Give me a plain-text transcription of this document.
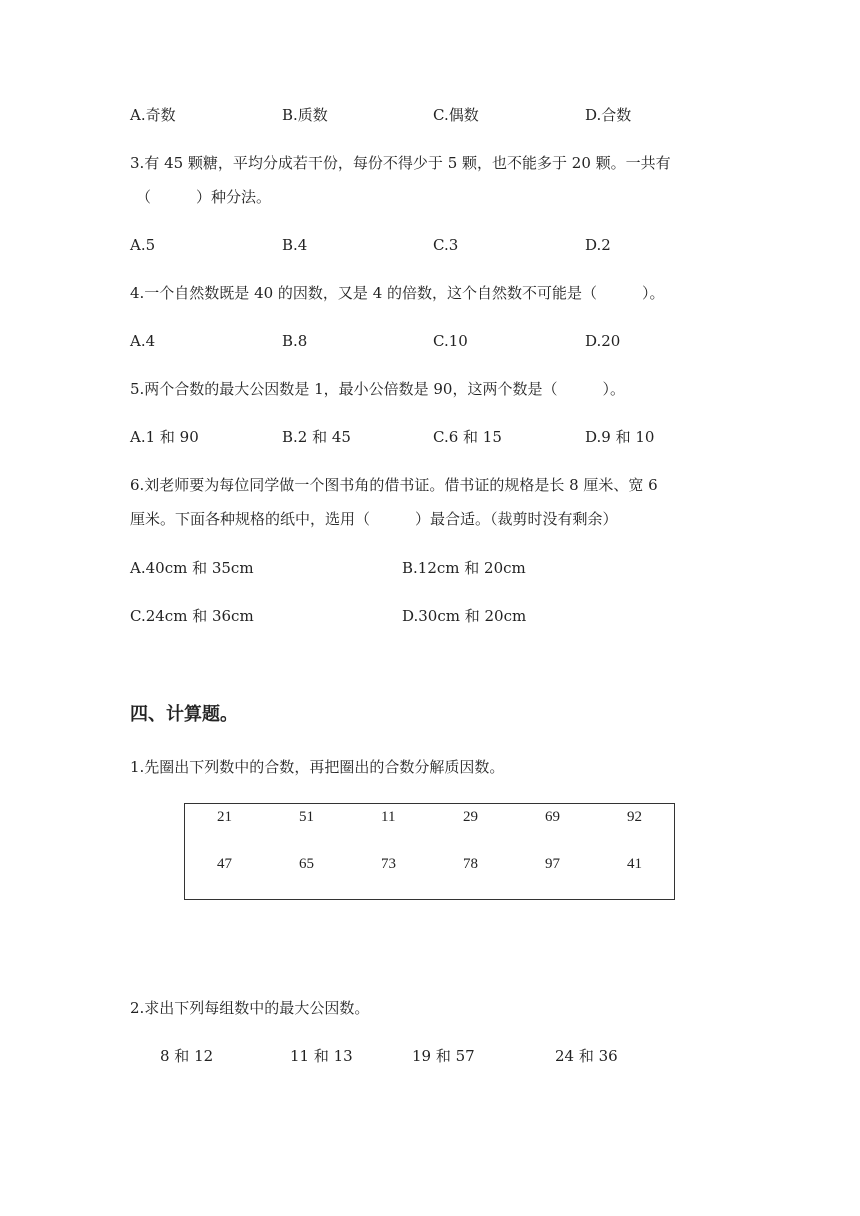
A.奇数	B.质数	C.偶数	D.合数
3.有 45 颗糖，平均分成若干份，每份不得少于 5 颗，也不能多于 20 颗。一共有
（　　　）种分法。
A.5	B.4	C.3	D.2
4.一个自然数既是 40 的因数，又是 4 的倍数，这个自然数不可能是（　　　）。
A.4	B.8	C.10	D.20
5.两个合数的最大公因数是 1，最小公倍数是 90，这两个数是（　　　）。
A.1 和 90	B.2 和 45	C.6 和 15	D.9 和 10
6.刘老师要为每位同学做一个图书角的借书证。借书证的规格是长 8 厘米、宽 6
厘米。下面各种规格的纸中，选用（　　　）最合适。（裁剪时没有剩余）
A.40cm 和 35cm	B.12cm 和 20cm
C.24cm 和 36cm	D.30cm 和 20cm
四、计算题。
1.先圈出下列数中的合数，再把圈出的合数分解质因数。
21	51	11	29	69	92
47	65	73	78	97	41
2.求出下列每组数中的最大公因数。
8 和 12	11 和 13	19 和 57	24 和 36
